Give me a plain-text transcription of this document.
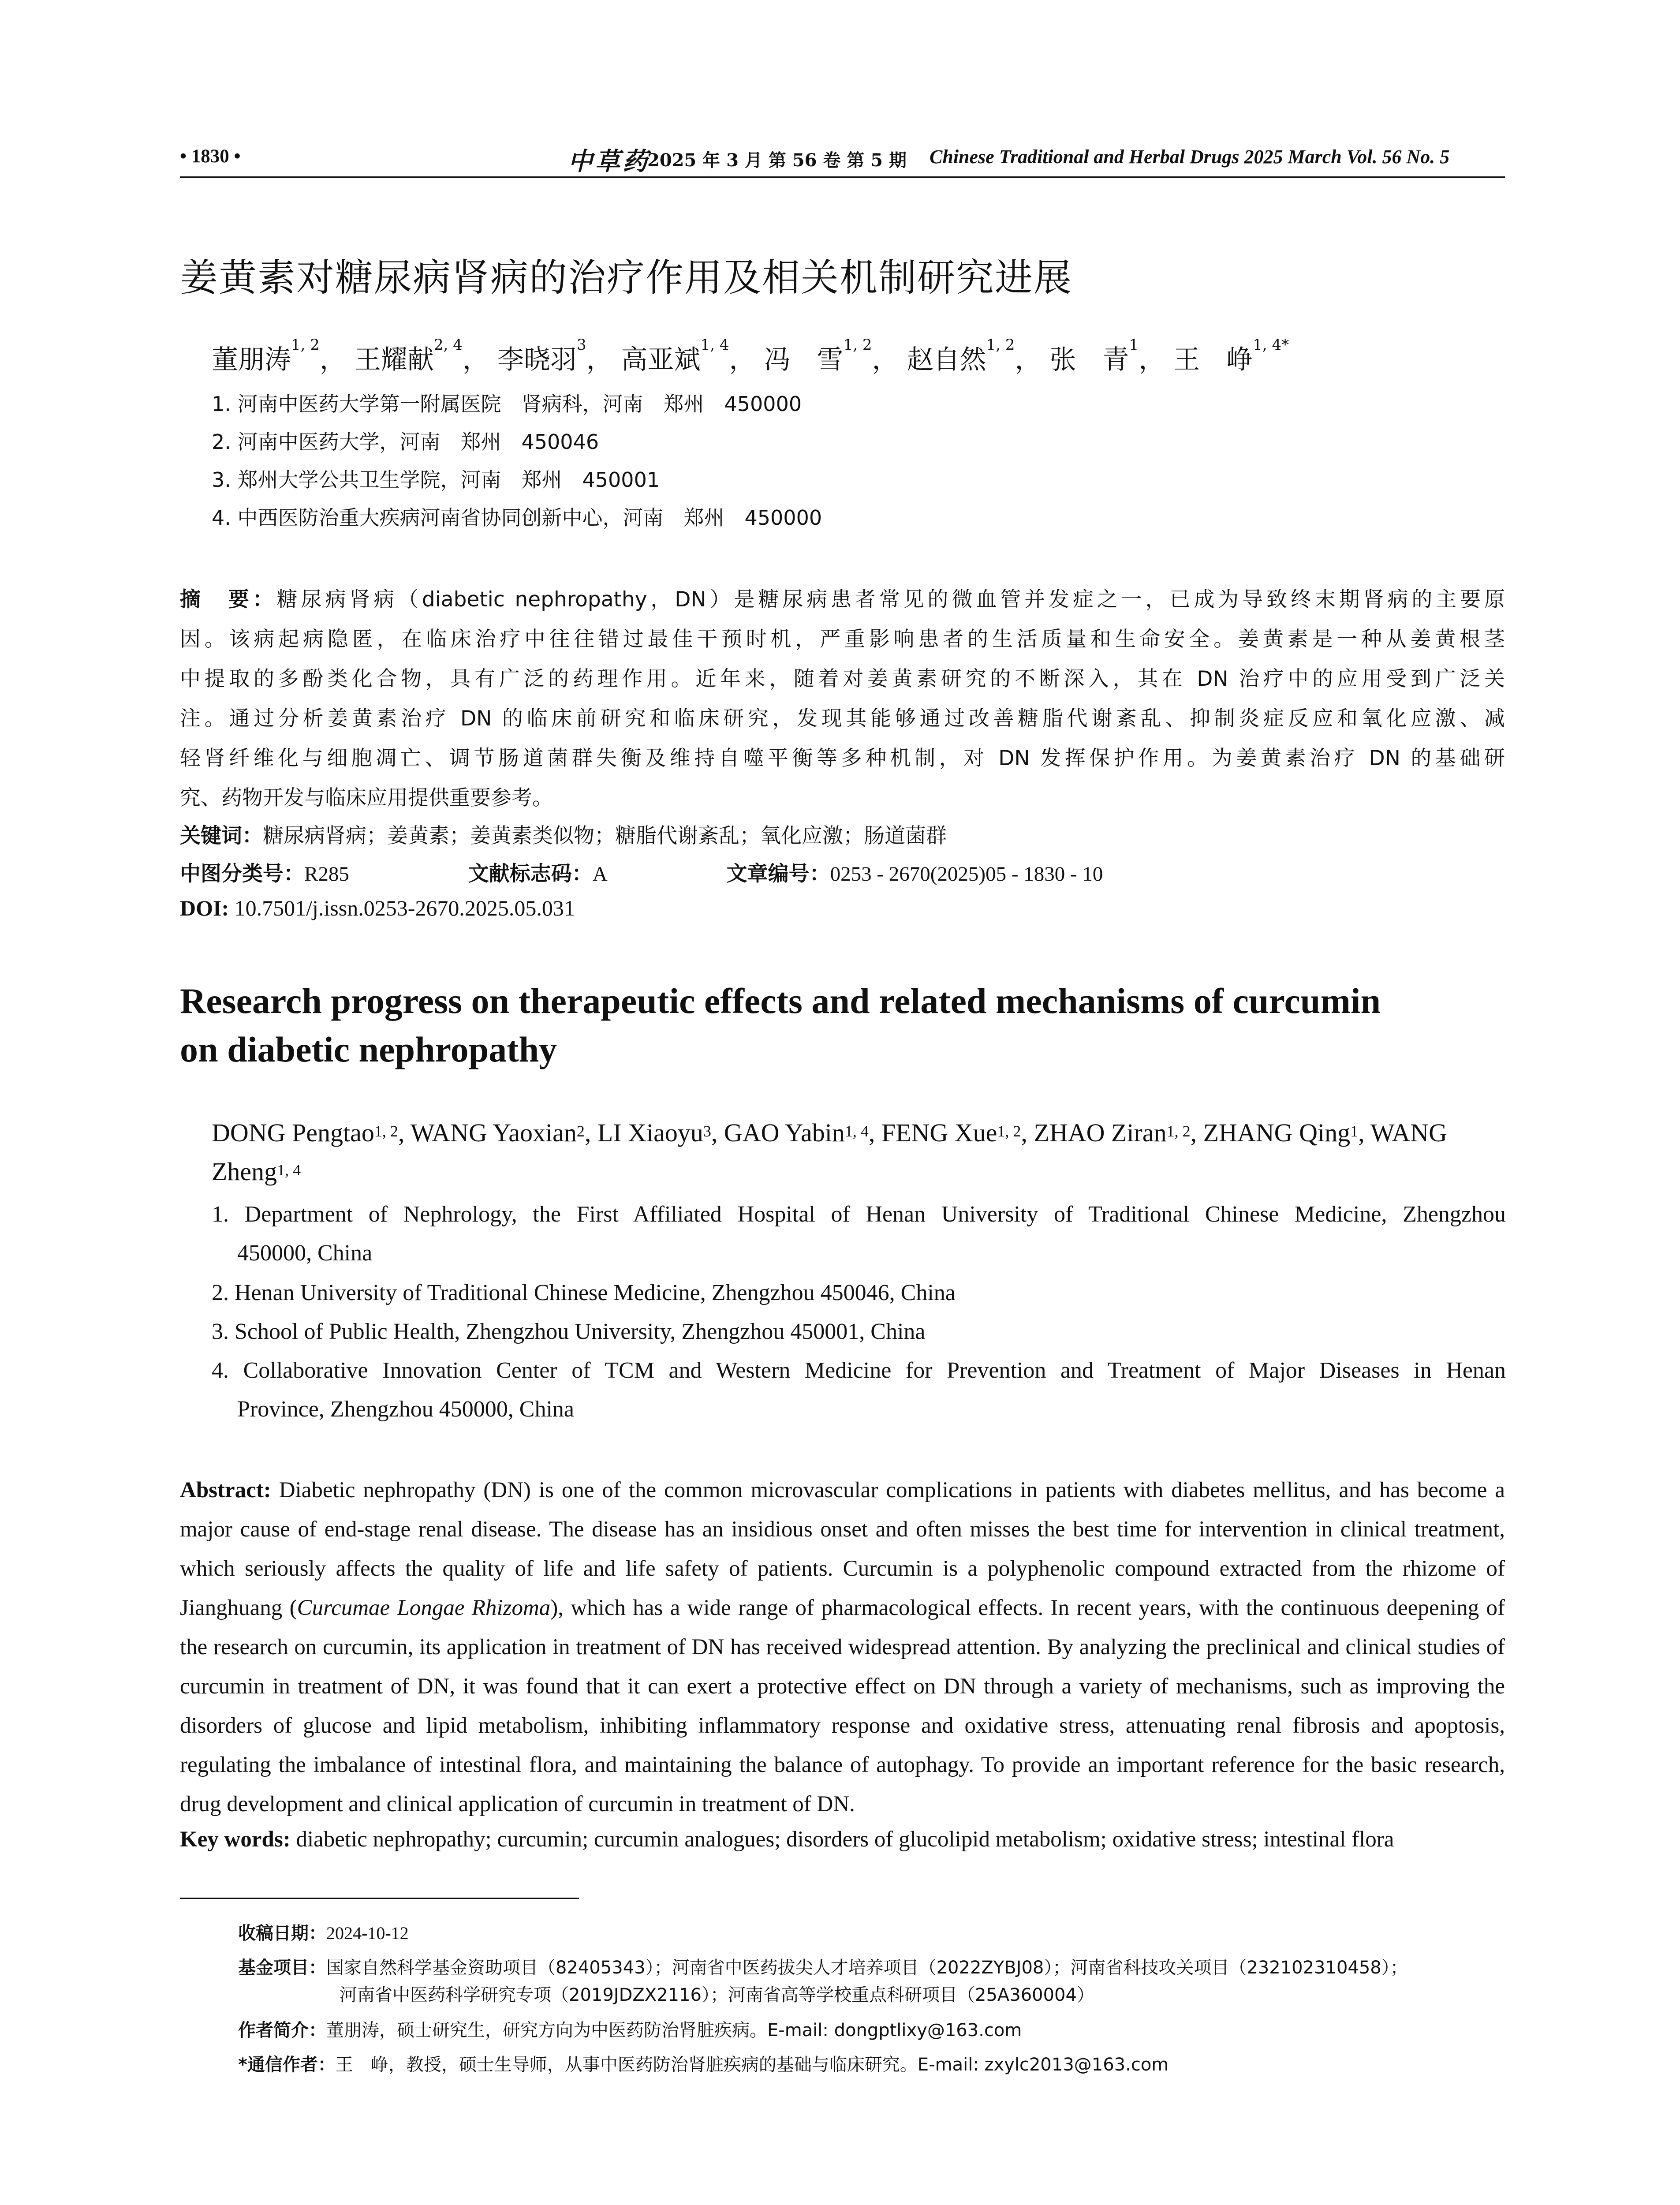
• 1830 •	中草药
2025 年 3 月 第 56 卷 第 5 期 Chinese Traditional and Herbal Drugs 2025 March Vol. 56 No. 5
姜黄素对糖尿病肾病的治疗作用及相关机制研究进展
董朋涛$^{1, 2}$， 王耀献$^{2, 4}$， 李晓羽$^3$， 高亚斌$^{1, 4}$， 冯　雪$^{1, 2}$， 赵自然$^{1, 2}$， 张　青$^1$， 王　峥$^{1, 4*}$
1. 河南中医药大学第一附属医院　肾病科，河南　郑州　450000
2. 河南中医药大学，河南　郑州　450046
3. 郑州大学公共卫生学院，河南　郑州　450001
4. 中西医防治重大疾病河南省协同创新中心，河南　郑州　450000
摘　要：糖尿病肾病（diabetic nephropathy，DN）是糖尿病患者常见的微血管并发症之一，已成为导致终末期肾病的主要原
因。该病起病隐匿，在临床治疗中往往错过最佳干预时机，严重影响患者的生活质量和生命安全。姜黄素是一种从姜黄根茎
中提取的多酚类化合物，具有广泛的药理作用。近年来，随着对姜黄素研究的不断深入，其在 DN 治疗中的应用受到广泛关
注。通过分析姜黄素治疗 DN 的临床前研究和临床研究，发现其能够通过改善糖脂代谢紊乱、抑制炎症反应和氧化应激、减
轻肾纤维化与细胞凋亡、调节肠道菌群失衡及维持自噬平衡等多种机制，对 DN 发挥保护作用。为姜黄素治疗 DN 的基础研
究、药物开发与临床应用提供重要参考。
关键词：糖尿病肾病；姜黄素；姜黄素类似物；糖脂代谢紊乱；氧化应激；肠道菌群
中图分类号：R285	文献标志码：A	文章编号：0253 - 2670(2025)05 - 1830 - 10
DOI: 10.7501/j.issn.0253-2670.2025.05.031
Research progress on therapeutic effects and related mechanisms of curcumin
on diabetic nephropathy
DONG Pengtao$^{1, 2}$, WANG Yaoxian$^2$, LI Xiaoyu$^3$, GAO Yabin$^{1, 4}$, FENG Xue$^{1, 2}$, ZHAO Ziran$^{1, 2}$, ZHANG Qing$^1$, WANG Zheng$^{1, 4}$
1. Department of Nephrology, the First Affiliated Hospital of Henan University of Traditional Chinese Medicine, Zhengzhou
450000, China
2. Henan University of Traditional Chinese Medicine, Zhengzhou 450046, China
3. School of Public Health, Zhengzhou University, Zhengzhou 450001, China
4. Collaborative Innovation Center of TCM and Western Medicine for Prevention and Treatment of Major Diseases in Henan
Province, Zhengzhou 450000, China

Abstract: Diabetic nephropathy (DN) is one of the common microvascular complications in patients with diabetes mellitus, and has become a major cause of end-stage renal disease. The disease has an insidious onset and often misses the best time for intervention in clinical treatment, which seriously affects the quality of life and life safety of patients. Curcumin is a polyphenolic compound extracted from the rhizome of Jianghuang (Curcumae Longae Rhizoma), which has a wide range of pharmacological effects. In recent years, with the continuous deepening of the research on curcumin, its application in treatment of DN has received widespread attention. By analyzing the preclinical and clinical studies of curcumin in treatment of DN, it was found that it can exert a protective effect on DN through a variety of mechanisms, such as improving the disorders of glucose and lipid metabolism, inhibiting inflammatory response and oxidative stress, attenuating renal fibrosis and apoptosis, regulating the imbalance of intestinal flora, and maintaining the balance of autophagy. To provide an important reference for the basic research, drug development and clinical application of curcumin in treatment of DN.

Key words: diabetic nephropathy; curcumin; curcumin analogues; disorders of glucolipid metabolism; oxidative stress; intestinal flora
收稿日期：2024-10-12
基金项目：国家自然科学基金资助项目（82405343）；河南省中医药拔尖人才培养项目（2022ZYBJ08）；河南省科技攻关项目（232102310458）；
河南省中医药科学研究专项（2019JDZX2116）；河南省高等学校重点科研项目（25A360004）
作者简介：董朋涛，硕士研究生，研究方向为中医药防治肾脏疾病。E-mail: dongptlixy@163.com
*通信作者：王　峥，教授，硕士生导师，从事中医药防治肾脏疾病的基础与临床研究。E-mail: zxylc2013@163.com
